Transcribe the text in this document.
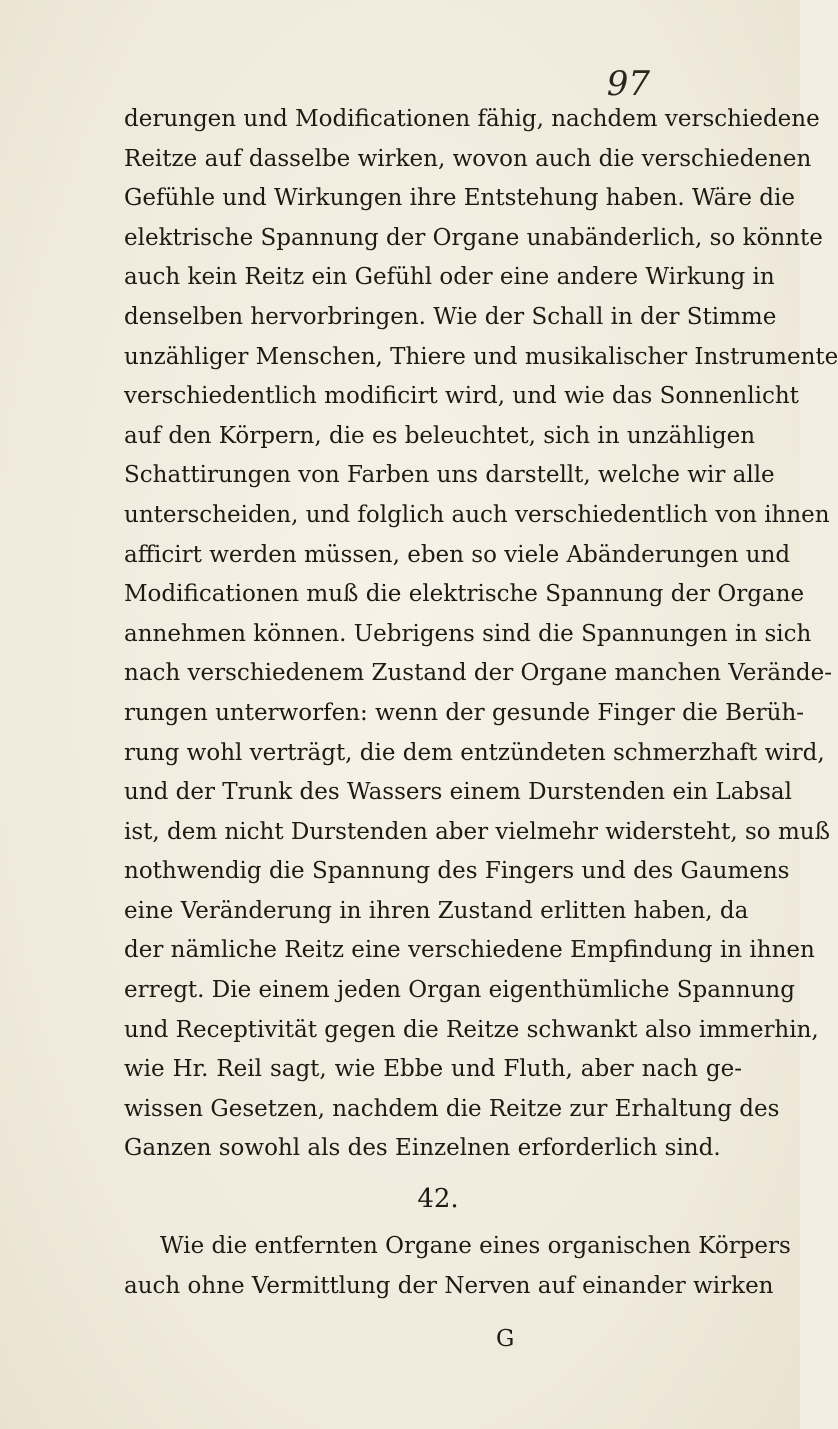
97
derungen und Modificationen fähig, nachdem verschiedene
Reitze auf dasselbe wirken, wovon auch die verschiedenen
Gefühle und Wirkungen ihre Entstehung haben. Wäre die
elektrische Spannung der Organe unabänderlich, so könnte
auch kein Reitz ein Gefühl oder eine andere Wirkung in
denselben hervorbringen. Wie der Schall in der Stimme
unzähliger Menschen, Thiere und musikalischer Instrumente
verschiedentlich modificirt wird, und wie das Sonnenlicht
auf den Körpern, die es beleuchtet, sich in unzähligen
Schattirungen von Farben uns darstellt, welche wir alle
unterscheiden, und folglich auch verschiedentlich von ihnen
afficirt werden müssen, eben so viele Abänderungen und
Modificationen muß die elektrische Spannung der Organe
annehmen können. Uebrigens sind die Spannungen in sich
nach verschiedenem Zustand der Organe manchen Verände-
rungen unterworfen: wenn der gesunde Finger die Berüh-
rung wohl verträgt, die dem entzündeten schmerzhaft wird,
und der Trunk des Wassers einem Durstenden ein Labsal
ist, dem nicht Durstenden aber vielmehr widersteht, so muß
nothwendig die Spannung des Fingers und des Gaumens
eine Veränderung in ihren Zustand erlitten haben, da
der nämliche Reitz eine verschiedene Empfindung in ihnen
erregt. Die einem jeden Organ eigenthümliche Spannung
und Receptivität gegen die Reitze schwankt also immerhin,
wie Hr. Reil sagt, wie Ebbe und Fluth, aber nach ge-
wissen Gesetzen, nachdem die Reitze zur Erhaltung des
Ganzen sowohl als des Einzelnen erforderlich sind.
42.
Wie die entfernten Organe eines organischen Körpers
auch ohne Vermittlung der Nerven auf einander wirken
G
